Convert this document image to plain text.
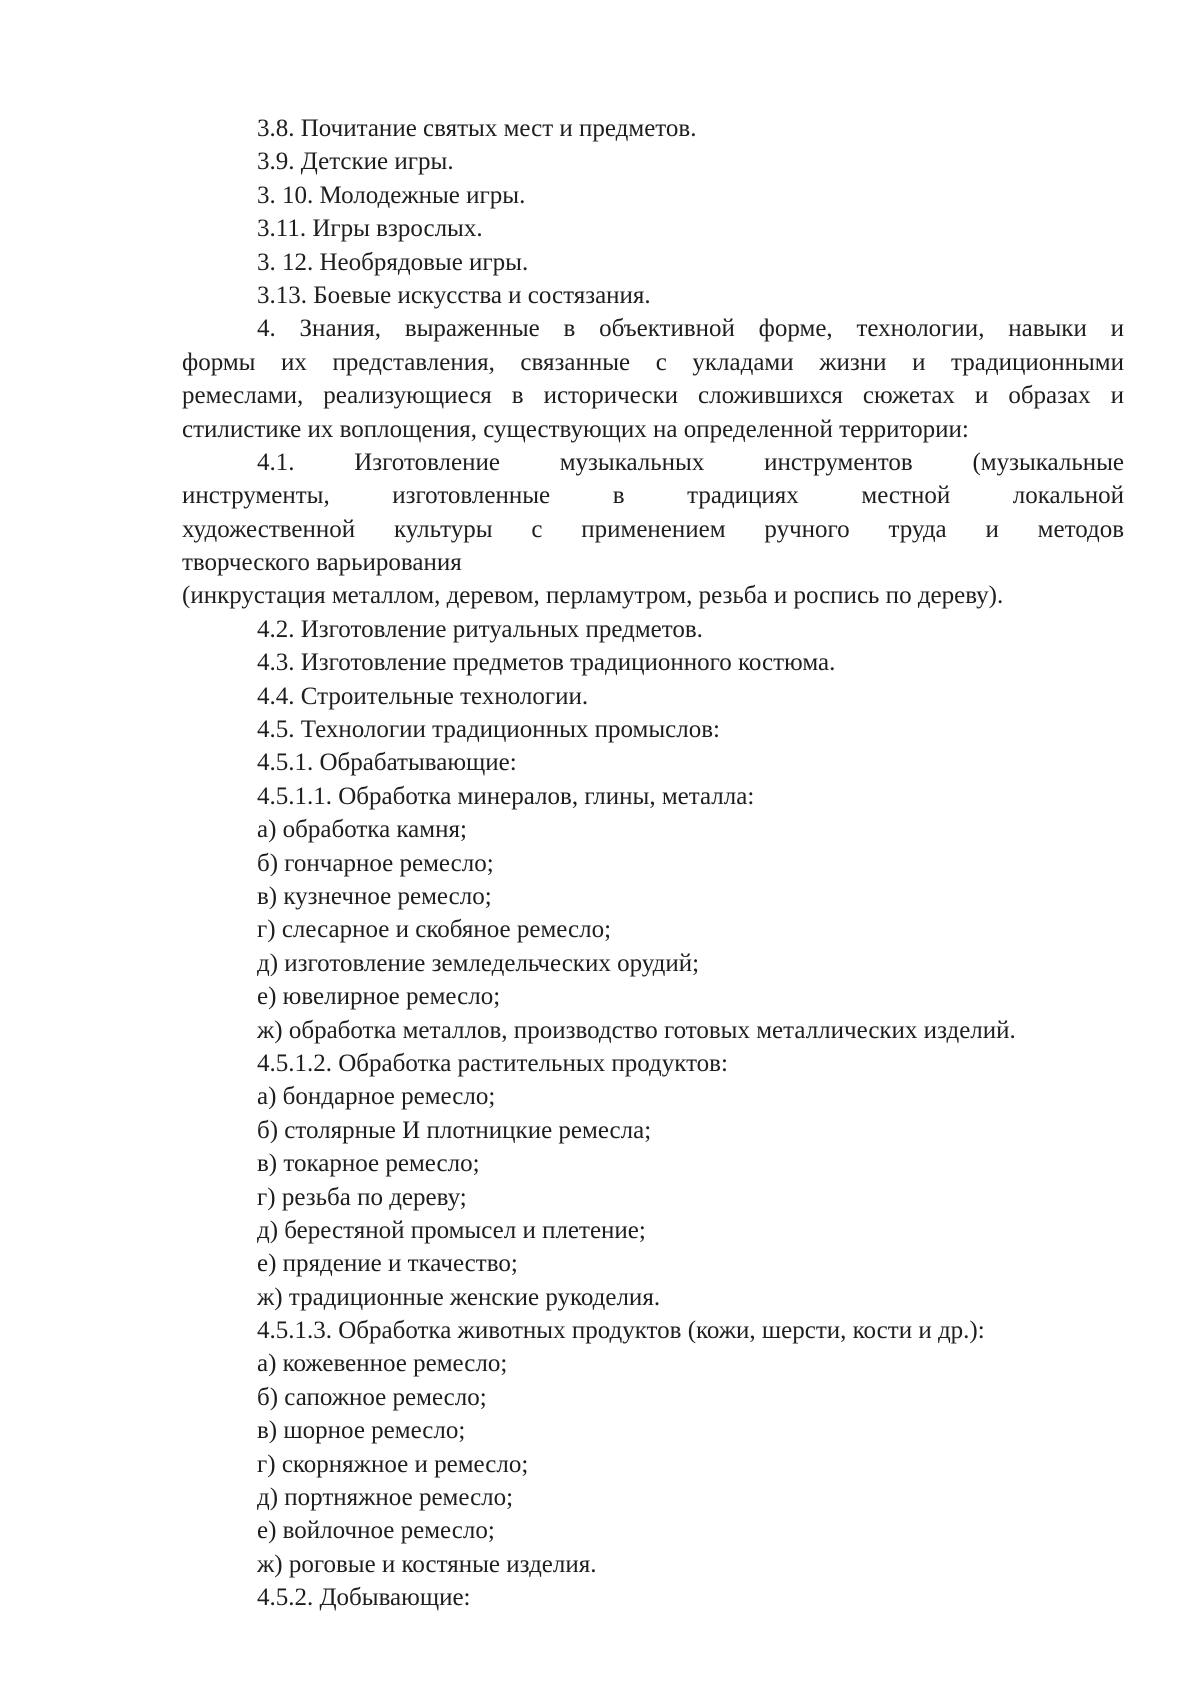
3.8. Почитание святых мест и предметов.
3.9. Детские игры.
3. 10. Молодежные игры.
3.11. Игры взрослых.
3. 12. Необрядовые игры.
3.13. Боевые искусства и состязания.
4. Знания, выраженные в объективной форме, технологии, навыки и
формы их представления, связанные с укладами жизни и традиционными
ремеслами, реализующиеся в исторически сложившихся сюжетах и образах и
стилистике их воплощения, существующих на определенной территории:
4.1. Изготовление музыкальных инструментов (музыкальные
инструменты, изготовленные в традициях местной локальной
художественной культуры с применением ручного труда и методов
творческого варьирования
(инкрустация металлом, деревом, перламутром, резьба и роспись по дереву).
4.2. Изготовление ритуальных предметов.
4.3. Изготовление предметов традиционного костюма.
4.4. Строительные технологии.
4.5. Технологии традиционных промыслов:
4.5.1. Обрабатывающие:
4.5.1.1. Обработка минералов, глины, металла:
а) обработка камня;
б) гончарное ремесло;
в) кузнечное ремесло;
г) слесарное и скобяное ремесло;
д) изготовление земледельческих орудий;
е) ювелирное ремесло;
ж) обработка металлов, производство готовых металлических изделий.
4.5.1.2. Обработка растительных продуктов:
а) бондарное ремесло;
б) столярные И плотницкие ремесла;
в) токарное ремесло;
г) резьба по дереву;
д) берестяной промысел и плетение;
е) прядение и ткачество;
ж) традиционные женские рукоделия.
4.5.1.3. Обработка животных продуктов (кожи, шерсти, кости и др.):
а) кожевенное ремесло;
б) сапожное ремесло;
в) шорное ремесло;
г) скорняжное и ремесло;
д) портняжное ремесло;
е) войлочное ремесло;
ж) роговые и костяные изделия.
4.5.2. Добывающие:
